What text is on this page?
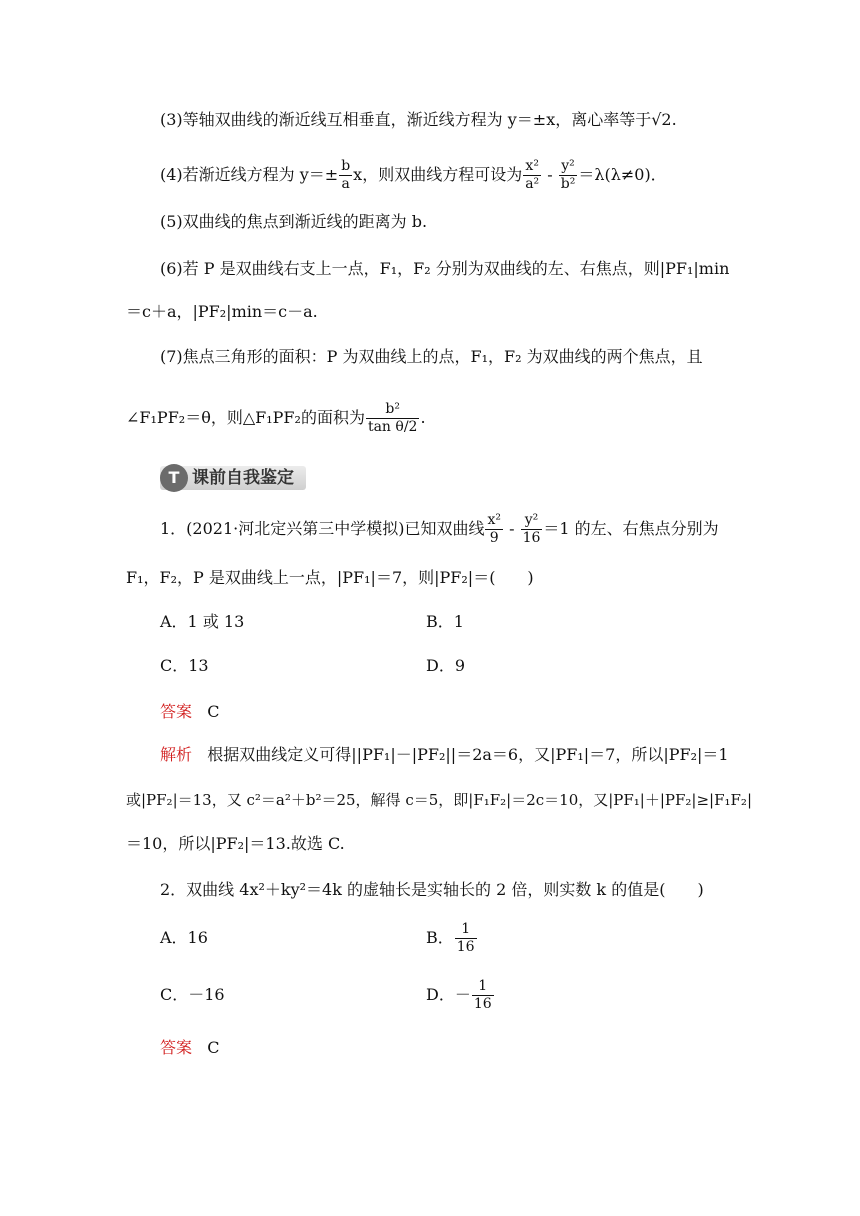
(3)等轴双曲线的渐近线互相垂直，渐近线方程为 y＝±x，离心率等于√2.
(4)若渐近线方程为 $y=\pm \frac{b}{a}$ x，则双曲线方程可设为 $\frac{\text{x²}}{\text{a²}} - \frac{\text{y²}}{\text{b²}} =\lambda(\lambda\ne 0)$．
(5)双曲线的焦点到渐近线的距离为 b.
(6)若 P 是双曲线右支上一点，F₁，F₂ 分别为双曲线的左、右焦点，则|PF₁|min
＝c＋a，|PF₂|min＝c－a.
(7)焦点三角形的面积：P 为双曲线上的点，F₁，F₂ 为双曲线的两个焦点，且
∠F₁PF₂＝θ，则△F₁PF₂的面积为 $\frac{\text{b²}}{\text{tan θ/2}}$ .
T 课前自我鉴定
1．(2021·河北定兴第三中学模拟)已知双曲线 $\frac{\text{x²}}{9} - \frac{\text{y²}}{16} =1$ 的左、右焦点分别为
F₁，F₂，P 是双曲线上一点，|PF₁|＝7，则|PF₂|＝(　　)
A．1 或 13	B．1
C．13	D．9
答案 C
解析 根据双曲线定义可得||PF₁|－|PF₂||＝2a＝6，又|PF₁|＝7，所以|PF₂|＝1
或|PF₂|＝13，又 c²＝a²＋b²＝25，解得 c＝5，即|F₁F₂|＝2c＝10，又|PF₁|＋|PF₂|≥|F₁F₂|
＝10，所以|PF₂|＝13.故选 C.
2．双曲线 4x²＋ky²＝4k 的虚轴长是实轴长的 2 倍，则实数 k 的值是(　　)
A．16	B． $\frac{1}{16}$
C．－16	D．－ $\frac{1}{16}$
答案 C
